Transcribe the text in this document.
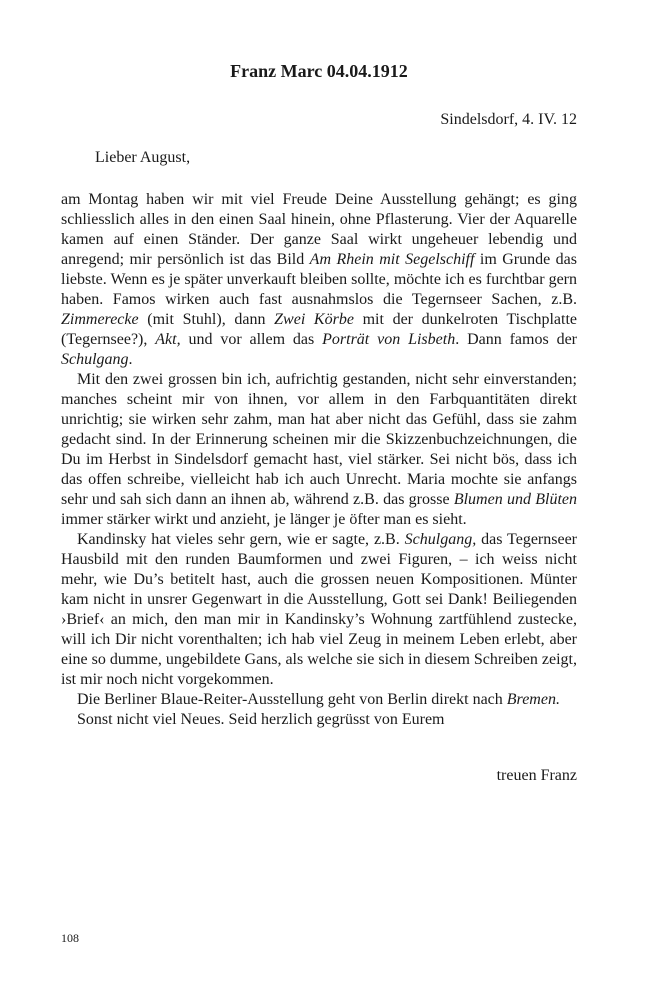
Franz Marc 04.04.1912
Sindelsdorf, 4. IV. 12
Lieber August,

am Montag haben wir mit viel Freude Deine Ausstellung gehängt; es ging schliesslich alles in den einen Saal hinein, ohne Pflasterung. Vier der Aquarelle kamen auf einen Ständer. Der ganze Saal wirkt ungeheuer lebendig und anregend; mir persönlich ist das Bild Am Rhein mit Segelschiff im Grunde das liebste. Wenn es je später unverkauft bleiben sollte, möchte ich es furchtbar gern haben. Famos wirken auch fast ausnahmslos die Tegernseer Sachen, z.B. Zimmerecke (mit Stuhl), dann Zwei Körbe mit der dunkelroten Tischplatte (Tegernsee?), Akt, und vor allem das Porträt von Lisbeth. Dann famos der Schulgang.

Mit den zwei grossen bin ich, aufrichtig gestanden, nicht sehr einverstanden; manches scheint mir von ihnen, vor allem in den Farbquantitäten direkt unrichtig; sie wirken sehr zahm, man hat aber nicht das Gefühl, dass sie zahm gedacht sind. In der Erinnerung scheinen mir die Skizzenbuchzeichnungen, die Du im Herbst in Sindelsdorf gemacht hast, viel stärker. Sei nicht bös, dass ich das offen schreibe, vielleicht hab ich auch Unrecht. Maria mochte sie anfangs sehr und sah sich dann an ihnen ab, während z.B. das grosse Blumen und Blüten immer stärker wirkt und anzieht, je länger je öfter man es sieht.

Kandinsky hat vieles sehr gern, wie er sagte, z.B. Schulgang, das Tegernseer Hausbild mit den runden Baumformen und zwei Figuren, – ich weiss nicht mehr, wie Du’s betitelt hast, auch die grossen neuen Kompositionen. Münter kam nicht in unsrer Gegenwart in die Ausstellung, Gott sei Dank! Beiliegenden ›Brief‹ an mich, den man mir in Kandinsky’s Wohnung zartfühlend zustecke, will ich Dir nicht vorenthalten; ich hab viel Zeug in meinem Leben erlebt, aber eine so dumme, ungebildete Gans, als welche sie sich in diesem Schreiben zeigt, ist mir noch nicht vorgekommen.

Die Berliner Blaue-Reiter-Ausstellung geht von Berlin direkt nach Bremen.

Sonst nicht viel Neues. Seid herzlich gegrüsst von Eurem

treuen Franz
108
